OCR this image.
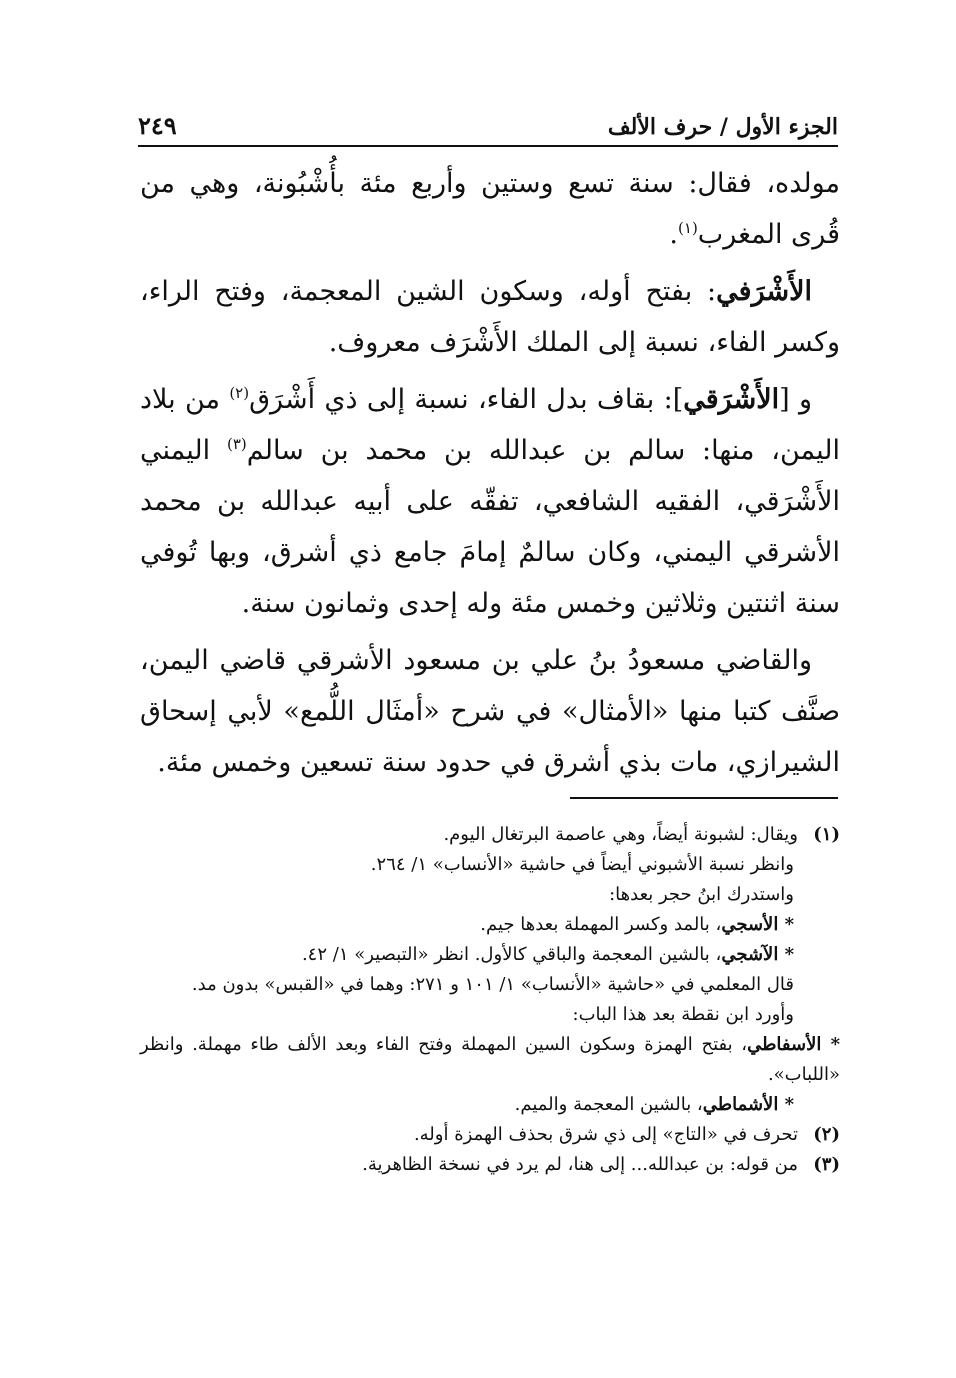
٢٤٩	الجزء الأول / حرف الألف

مولده، فقال: سنة تسع وستين وأربع مئة بأُشْبُونة، وهي من قُرى المغرب$^{(١)}$.

الأَشْرَفي: بفتح أوله، وسكون الشين المعجمة، وفتح الراء، وكسر الفاء، نسبة إلى الملك الأَشْرَف معروف.

و [الأَشْرَقي]: بقاف بدل الفاء، نسبة إلى ذي أَشْرَق$^{(٢)}$ من بلاد اليمن، منها: سالم بن عبدالله بن محمد بن سالم$^{(٣)}$ اليمني الأَشْرَقي، الفقيه الشافعي، تفقّه على أبيه عبدالله بن محمد الأشرقي اليمني، وكان سالمٌ إمامَ جامع ذي أشرق، وبها تُوفي سنة اثنتين وثلاثين وخمس مئة وله إحدى وثمانون سنة.

والقاضي مسعودُ بنُ علي بن مسعود الأشرقي قاضي اليمن، صنَّف كتبا منها «الأمثال» في شرح «أمثَال اللُّمع» لأبي إسحاق الشيرازي، مات بذي أشرق في حدود سنة تسعين وخمس مئة.

(١)
ويقال: لشبونة أيضاً، وهي عاصمة البرتغال اليوم.
وانظر نسبة الأشبوني أيضاً في حاشية «الأنساب» ١/ ٢٦٤.
واستدرك ابنُ حجر بعدها:
* الأسجي، بالمد وكسر المهملة بعدها جيم.
* الآشجي، بالشين المعجمة والباقي كالأول. انظر «التبصير» ١/ ٤٢.
قال المعلمي في «حاشية «الأنساب» ١/ ١٠١ و ٢٧١: وهما في «القبس» بدون مد.
وأورد ابن نقطة بعد هذا الباب:
* الأسفاطي، بفتح الهمزة وسكون السين المهملة وفتح الفاء وبعد الألف طاء مهملة. وانظر «اللباب».
* الأشماطي، بالشين المعجمة والميم.
(٢)
تحرف في «التاج» إلى ذي شرق بحذف الهمزة أوله.
(٣)
من قوله: بن عبدالله... إلى هنا، لم يرد في نسخة الظاهرية.
